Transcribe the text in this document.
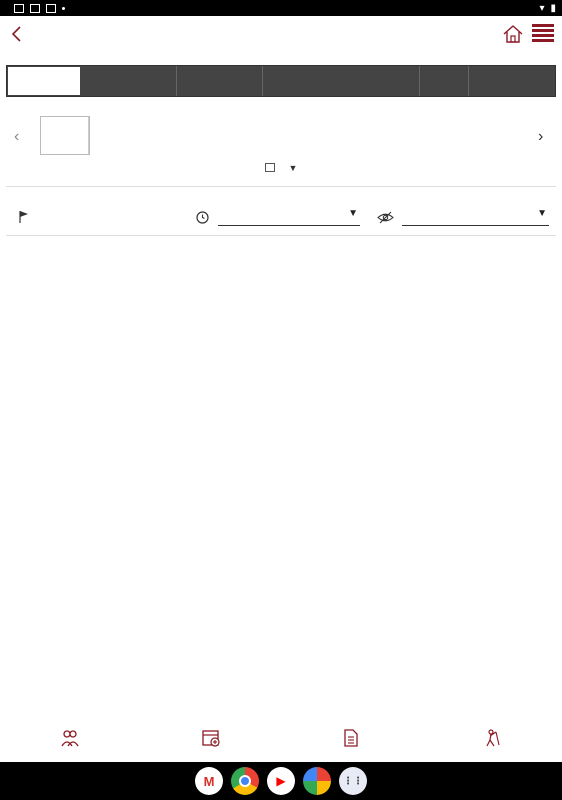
▾ ▮
‹	›
▼
▼	▼
M	▶	⋮⋮
